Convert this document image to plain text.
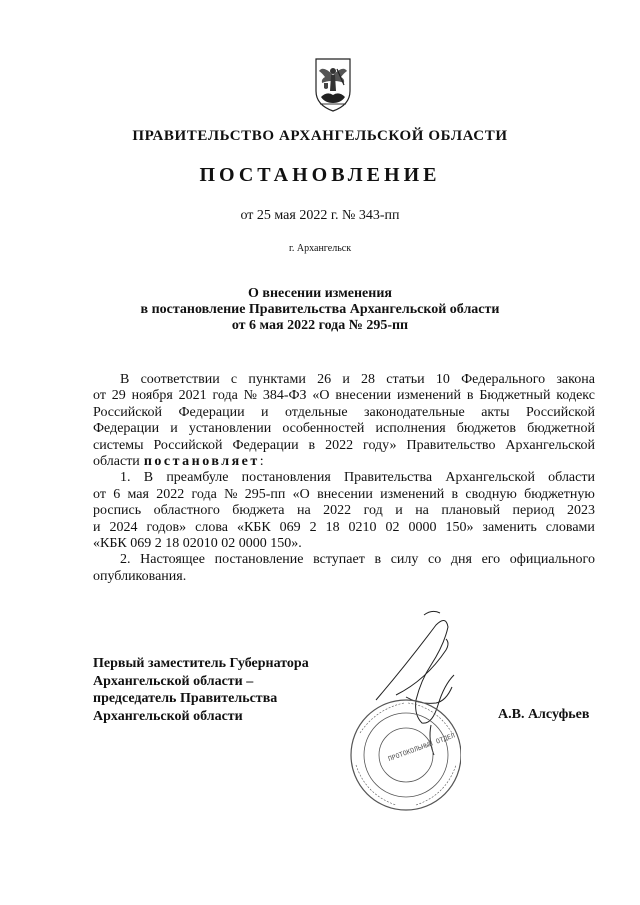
ПРАВИТЕЛЬСТВО АРХАНГЕЛЬСКОЙ ОБЛАСТИ
ПОСТАНОВЛЕНИЕ
от 25 мая 2022 г. № 343-пп
г. Архангельск
О внесении изменения
в постановление Правительства Архангельской области
от 6 мая 2022 года № 295-пп
В соответствии с пунктами 26 и 28 статьи 10 Федерального закона
от 29 ноября 2021 года № 384-ФЗ «О внесении изменений в Бюджетный кодекс
Российской Федерации и отдельные законодательные акты Российской
Федерации и установлении особенностей исполнения бюджетов бюджетной
системы Российской Федерации в 2022 году» Правительство Архангельской
области постановляет :
1. В преамбуле постановления Правительства Архангельской области
от 6 мая 2022 года № 295-пп «О внесении изменений в сводную бюджетную
роспись областного бюджета на 2022 год и на плановый период 2023
и 2024 годов» слова «КБК 069 2 18 0210 02 0000 150» заменить словами
«КБК 069 2 18 02010 02 0000 150».
2. Настоящее постановление вступает в силу со дня его официального
опубликования.
Первый заместитель Губернатора
Архангельской области –
председатель Правительства
Архангельской области	А.В. Алсуфьев
ПРОТОКОЛЬНЫЙ ОТДЕЛ
